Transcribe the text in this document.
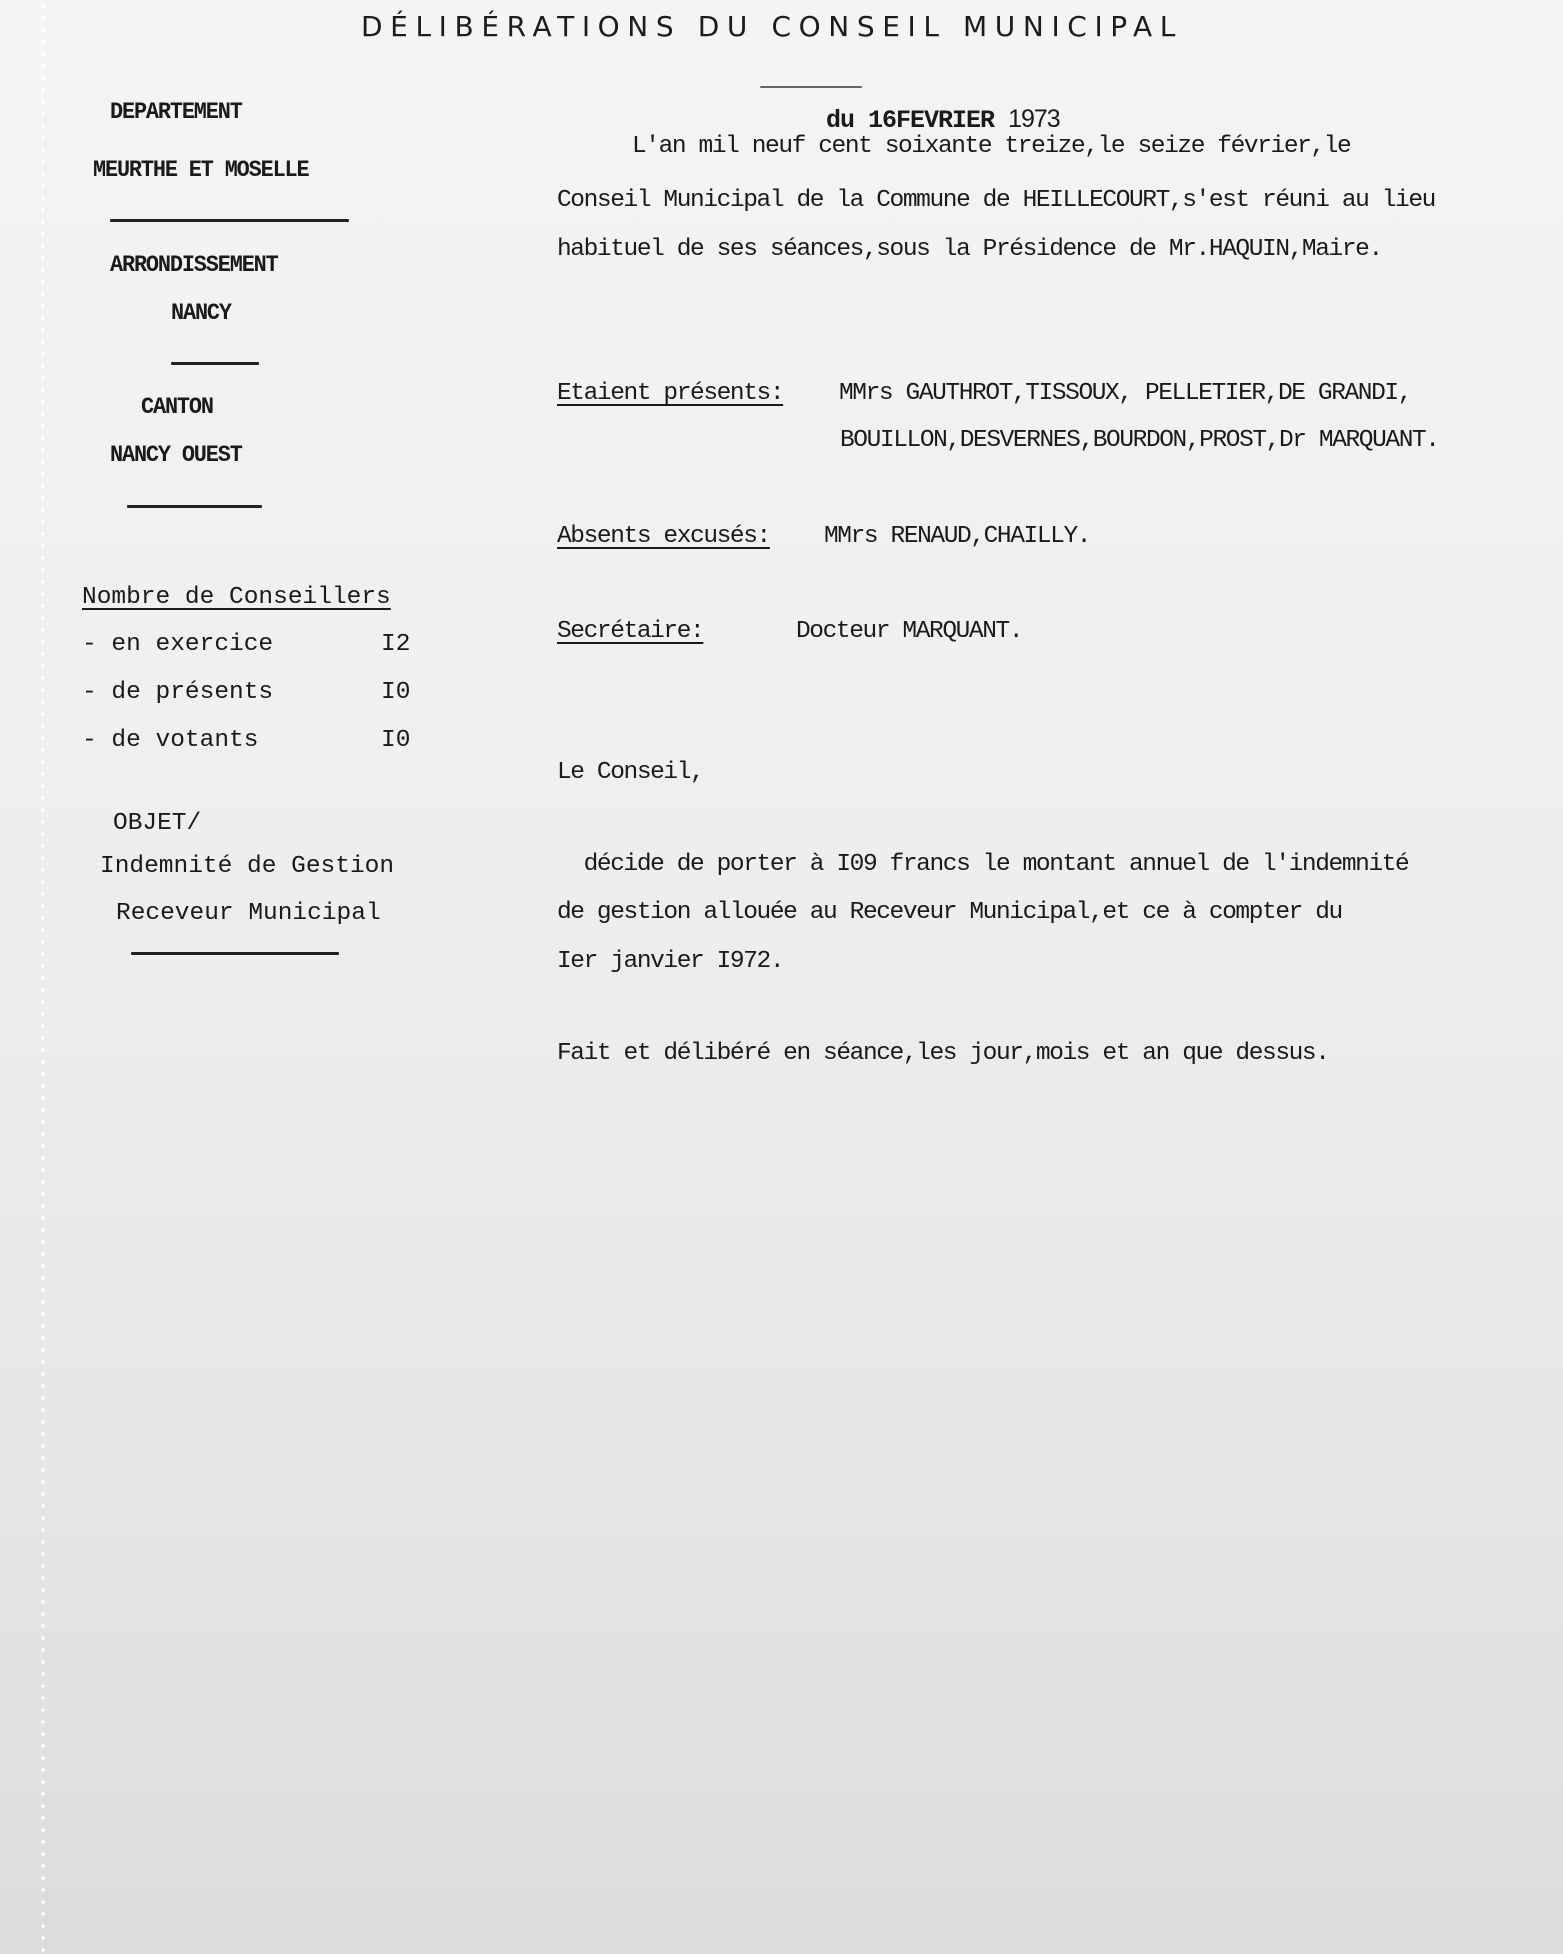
DÉLIBÉRATIONS DU CONSEIL MUNICIPAL
du 16FEVRIER 1973
DEPARTEMENT
MEURTHE ET MOSELLE
ARRONDISSEMENT
NANCY
CANTON
NANCY OUEST
Nombre de Conseillers
- en exercice	I2
- de présents	I0
- de votants	I0
OBJET/
Indemnité de Gestion
Receveur Municipal
L'an mil neuf cent soixante treize,le seize février,le
Conseil Municipal de la Commune de HEILLECOURT,s'est réuni au lieu
habituel de ses séances,sous la Présidence de Mr.HAQUIN,Maire.
Etaient présents: MMrs GAUTHROT,TISSOUX, PELLETIER,DE GRANDI,
BOUILLON,DESVERNES,BOURDON,PROST,Dr MARQUANT.
Absents excusés: MMrs RENAUD,CHAILLY.
Secrétaire:	Docteur MARQUANT.
Le Conseil,
décide de porter à I09 francs le montant annuel de l'indemnité
de gestion allouée au Receveur Municipal,et ce à compter du
Ier janvier I972.
Fait et délibéré en séance,les jour,mois et an que dessus.
